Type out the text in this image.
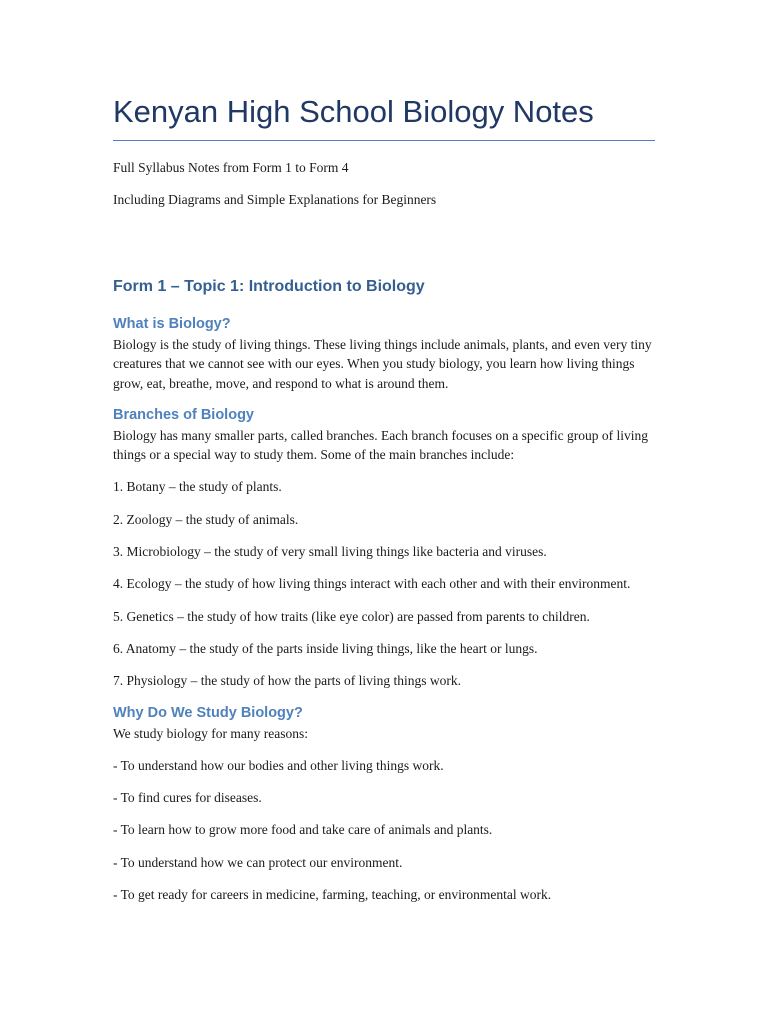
Kenyan High School Biology Notes

Full Syllabus Notes from Form 1 to Form 4

Including Diagrams and Simple Explanations for Beginners

Form 1 – Topic 1: Introduction to Biology
What is Biology?

Biology is the study of living things. These living things include animals, plants, and even very tiny creatures that we cannot see with our eyes. When you study biology, you learn how living things grow, eat, breathe, move, and respond to what is around them.

Branches of Biology

Biology has many smaller parts, called branches. Each branch focuses on a specific group of living things or a special way to study them. Some of the main branches include:

1. Botany – the study of plants.

2. Zoology – the study of animals.

3. Microbiology – the study of very small living things like bacteria and viruses.

4. Ecology – the study of how living things interact with each other and with their environment.

5. Genetics – the study of how traits (like eye color) are passed from parents to children.

6. Anatomy – the study of the parts inside living things, like the heart or lungs.

7. Physiology – the study of how the parts of living things work.

Why Do We Study Biology?

We study biology for many reasons:

- To understand how our bodies and other living things work.

- To find cures for diseases.

- To learn how to grow more food and take care of animals and plants.

- To understand how we can protect our environment.

- To get ready for careers in medicine, farming, teaching, or environmental work.
